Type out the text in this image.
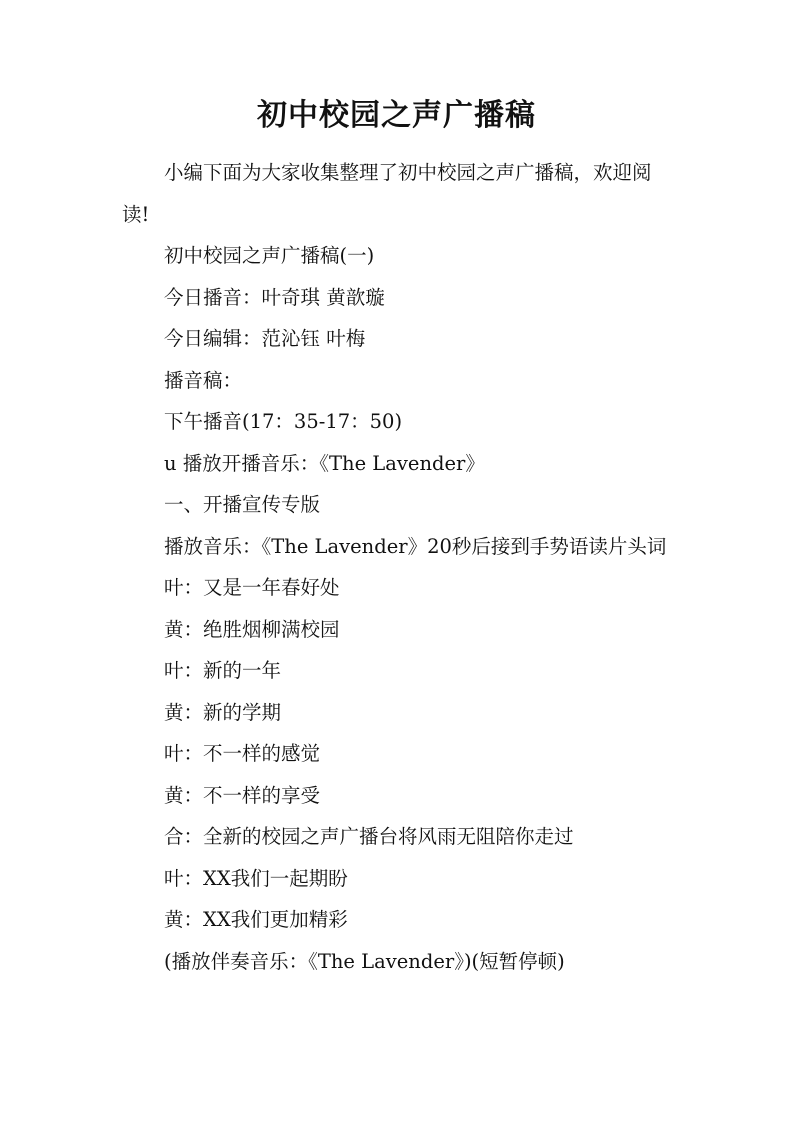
初中校园之声广播稿

小编下面为大家收集整理了初中校园之声广播稿，欢迎阅读!

初中校园之声广播稿(一)

今日播音：叶奇琪 黄歆璇

今日编辑：范沁钰 叶梅

播音稿：

下午播音(17：35-17：50)

u 播放开播音乐：《The Lavender》

一、开播宣传专版

播放音乐：《The Lavender》20秒后接到手势语读片头词

叶：又是一年春好处

黄：绝胜烟柳满校园

叶：新的一年

黄：新的学期

叶：不一样的感觉

黄：不一样的享受

合：全新的校园之声广播台将风雨无阻陪你走过

叶：XX我们一起期盼

黄：XX我们更加精彩

(播放伴奏音乐：《The Lavender》)(短暂停顿)
